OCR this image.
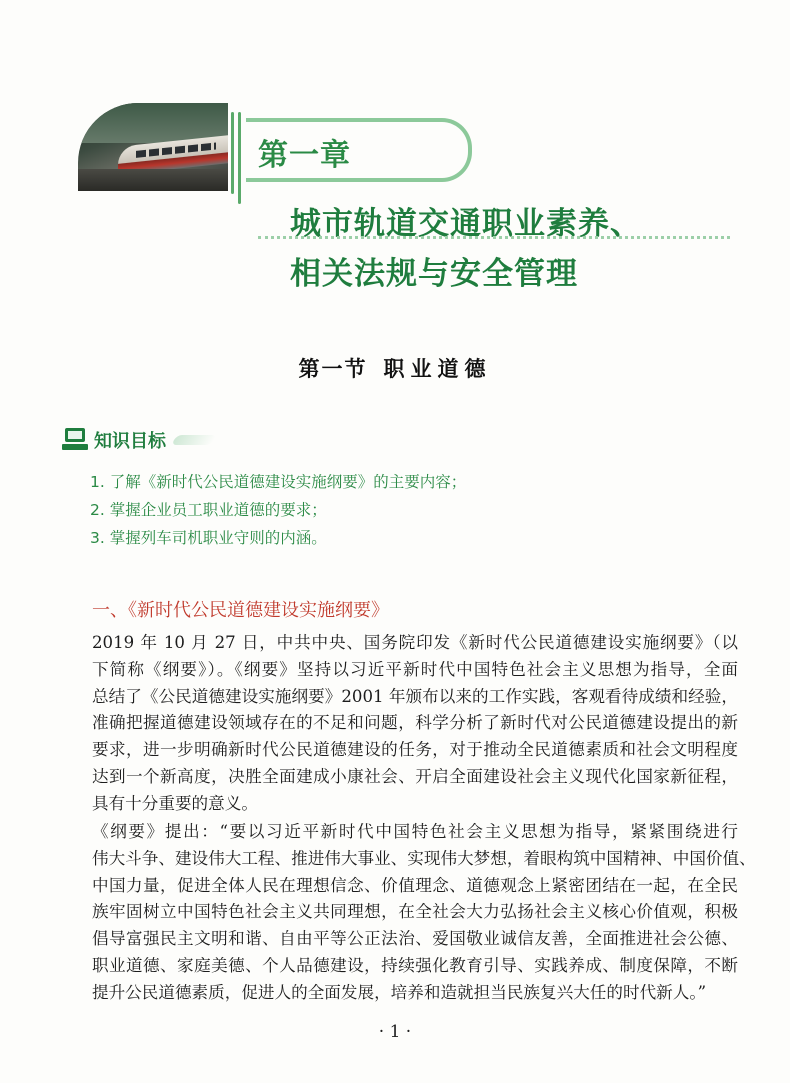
第一章
城市轨道交通职业素养、
相关法规与安全管理
第一节 职业道德
知识目标
1. 了解《新时代公民道德建设实施纲要》的主要内容；
2. 掌握企业员工职业道德的要求；
3. 掌握列车司机职业守则的内涵。
一、《新时代公民道德建设实施纲要》
2019 年 10 月 27 日，中共中央、国务院印发《新时代公民道德建设实施纲要》（以
下简称《纲要》）。《纲要》坚持以习近平新时代中国特色社会主义思想为指导，全面
总结了《公民道德建设实施纲要》2001 年颁布以来的工作实践，客观看待成绩和经验，
准确把握道德建设领域存在的不足和问题，科学分析了新时代对公民道德建设提出的新
要求，进一步明确新时代公民道德建设的任务，对于推动全民道德素质和社会文明程度
达到一个新高度，决胜全面建成小康社会、开启全面建设社会主义现代化国家新征程，
具有十分重要的意义。
《纲要》提出：“要以习近平新时代中国特色社会主义思想为指导，紧紧围绕进行
伟大斗争、建设伟大工程、推进伟大事业、实现伟大梦想，着眼构筑中国精神、中国价值、
中国力量，促进全体人民在理想信念、价值理念、道德观念上紧密团结在一起，在全民
族牢固树立中国特色社会主义共同理想，在全社会大力弘扬社会主义核心价值观，积极
倡导富强民主文明和谐、自由平等公正法治、爱国敬业诚信友善，全面推进社会公德、
职业道德、家庭美德、个人品德建设，持续强化教育引导、实践养成、制度保障，不断
提升公民道德素质，促进人的全面发展，培养和造就担当民族复兴大任的时代新人。”
· 1 ·
